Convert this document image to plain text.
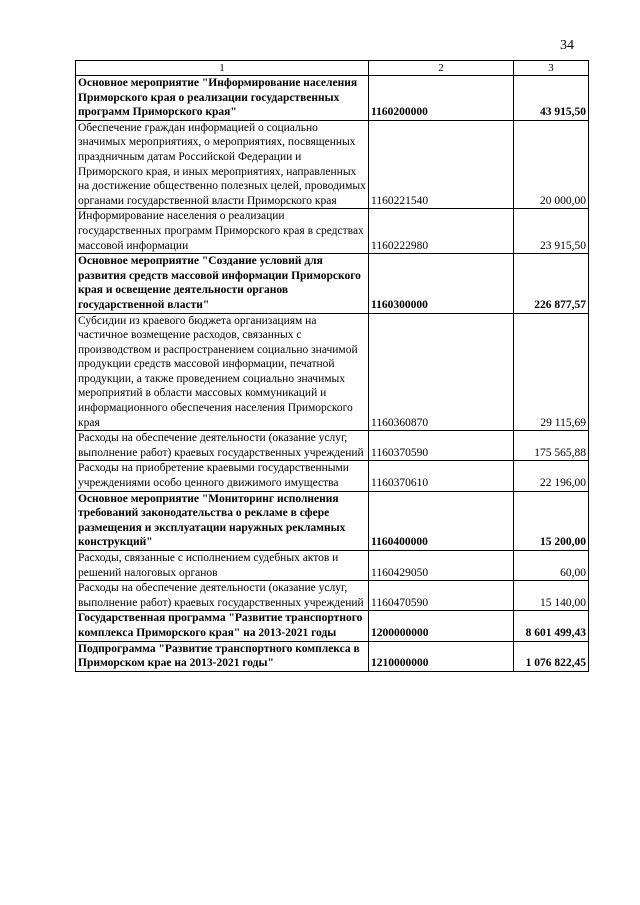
34
1	2	3
Основное мероприятие "Информирование населения Приморского края о реализации государственных программ Приморского края"	1160200000	43 915,50
Обеспечение граждан информацией о социально значимых мероприятиях, о мероприятиях, посвященных праздничным датам Российской Федерации и Приморского края, и иных мероприятиях, направленных на достижение общественно полезных целей, проводимых органами государственной власти Приморского края	1160221540	20 000,00
Информирование населения о реализации государственных программ Приморского края в средствах массовой информации	1160222980	23 915,50
Основное мероприятие "Создание условий для развития средств массовой информации Приморского края и освещение деятельности органов государственной власти"	1160300000	226 877,57
Субсидии из краевого бюджета организациям на частичное возмещение расходов, связанных с производством и распространением социально значимой продукции средств массовой информации, печатной продукции, а также проведением социально значимых мероприятий в области массовых коммуникаций и информационного обеспечения населения Приморского края	1160360870	29 115,69
Расходы на обеспечение деятельности (оказание услуг, выполнение работ) краевых государственных учреждений	1160370590	175 565,88
Расходы на приобретение краевыми государственными учреждениями особо ценного движимого имущества	1160370610	22 196,00
Основное мероприятие "Мониторинг исполнения требований законодательства о рекламе в сфере размещения и эксплуатации наружных рекламных конструкций"	1160400000	15 200,00
Расходы, связанные с исполнением судебных актов и решений налоговых органов	1160429050	60,00
Расходы на обеспечение деятельности (оказание услуг, выполнение работ) краевых государственных учреждений	1160470590	15 140,00
Государственная программа "Развитие транспортного комплекса Приморского края" на 2013-2021 годы	1200000000	8 601 499,43
Подпрограмма "Развитие транспортного комплекса в Приморском крае на 2013-2021 годы"	1210000000	1 076 822,45
